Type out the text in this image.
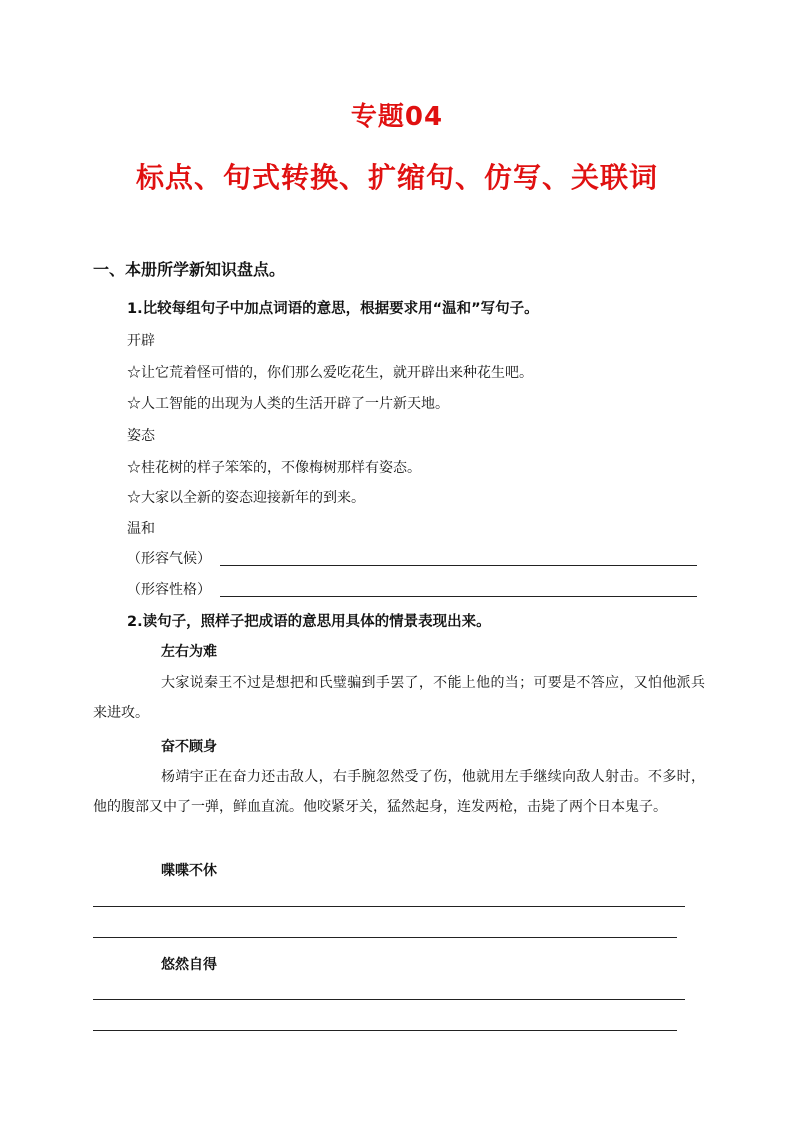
专题04
标点、句式转换、扩缩句、仿写、关联词
一、本册所学新知识盘点。
1.比较每组句子中加点词语的意思，根据要求用“温和”写句子。
开辟
☆让它荒着怪可惜的，你们那么爱吃花生，就开辟出来种花生吧。
☆人工智能的出现为人类的生活开辟了一片新天地。
姿态
☆桂花树的样子笨笨的，不像梅树那样有姿态。
☆大家以全新的姿态迎接新年的到来。
温和
（形容气候）
（形容性格）
2.读句子，照样子把成语的意思用具体的情景表现出来。
左右为难
大家说秦王不过是想把和氏璧骗到手罢了，不能上他的当；可要是不答应，又怕他派兵来进攻。
奋不顾身
杨靖宇正在奋力还击敌人，右手腕忽然受了伤，他就用左手继续向敌人射击。不多时，他的腹部又中了一弹，鲜血直流。他咬紧牙关，猛然起身，连发两枪，击毙了两个日本鬼子。
喋喋不休
悠然自得
